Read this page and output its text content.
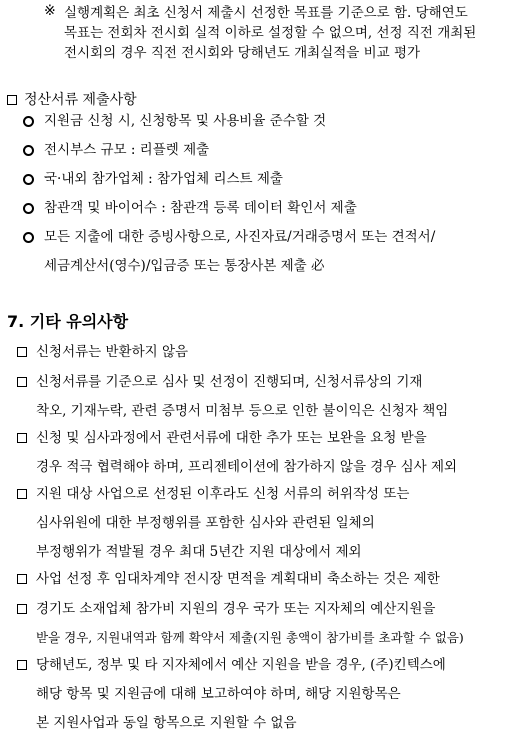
※ 실행계획은 최초 신청서 제출시 선정한 목표를 기준으로 함. 당해연도
목표는 전회차 전시회 실적 이하로 설정할 수 없으며, 선정 직전 개최된
전시회의 경우 직전 전시회와 당해년도 개최실적을 비교 평가
정산서류 제출사항
지원금 신청 시, 신청항목 및 사용비율 준수할 것
전시부스 규모 : 리플렛 제출
국·내외 참가업체 : 참가업체 리스트 제출
참관객 및 바이어수 : 참관객 등록 데이터 확인서 제출
모든 지출에 대한 증빙사항으로, 사진자료/거래증명서 또는 견적서/
세금계산서(영수)/입금증 또는 통장사본 제출 必
7. 기타 유의사항
신청서류는 반환하지 않음
신청서류를 기준으로 심사 및 선정이 진행되며, 신청서류상의 기재
착오, 기재누락, 관련 증명서 미첨부 등으로 인한 불이익은 신청자 책임
신청 및 심사과정에서 관련서류에 대한 추가 또는 보완을 요청 받을
경우 적극 협력해야 하며, 프리젠테이션에 참가하지 않을 경우 심사 제외
지원 대상 사업으로 선정된 이후라도 신청 서류의 허위작성 또는
심사위원에 대한 부정행위를 포함한 심사와 관련된 일체의
부정행위가 적발될 경우 최대 5년간 지원 대상에서 제외
사업 선정 후 임대차계약 전시장 면적을 계획대비 축소하는 것은 제한
경기도 소재업체 참가비 지원의 경우 국가 또는 지자체의 예산지원을
받을 경우, 지원내역과 함께 확약서 제출(지원 총액이 참가비를 초과할 수 없음)
당해년도, 정부 및 타 지자체에서 예산 지원을 받을 경우, (주)킨텍스에
해당 항목 및 지원금에 대해 보고하여야 하며, 해당 지원항목은
본 지원사업과 동일 항목으로 지원할 수 없음
